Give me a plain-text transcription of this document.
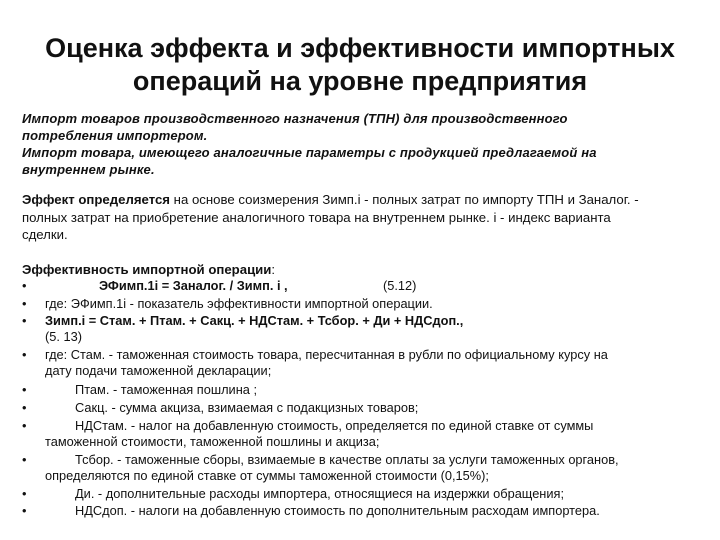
Оценка эффекта и эффективности импортных
операций на уровне предприятия
Импорт товаров производственного назначения (ТПН) для производственного
потребления импортером.
Импорт товара, имеющего аналогичные параметры с продукцией предлагаемой на
внутреннем рынке.
Эффект определяется на основе соизмерения Зимп.i - полных затрат по импорту ТПН и Заналог. -
полных затрат на приобретение аналогичного товара на внутреннем рынке. i - индекс варианта
сделки.
Эффективность импортной операции:
•	ЭФимп.1i = Заналог. / Зимп. i ,	(5.12)
• где: ЭФимп.1i - показатель эффективности импортной операции.
• Зимп.i = Стам. + Птам. + Сакц. + НДСтам. + Тсбор. + Ди + НДСдоп.,
(5. 13)
• где: Стам. - таможенная стоимость товара, пересчитанная в рубли по официальному курсу на
дату подачи таможенной декларации;
•	Птам. - таможенная пошлина ;
•	Сакц. - сумма акциза, взимаемая с подакцизных товаров;
•	НДСтам. - налог на добавленную стоимость, определяется по единой ставке от суммы
таможенной стоимости, таможенной пошлины и акциза;
•	Тсбор. - таможенные сборы, взимаемые в качестве оплаты за услуги таможенных органов,
определяются по единой ставке от суммы таможенной стоимости (0,15%);
•	Ди. - дополнительные расходы импортера, относящиеся на издержки обращения;
•	НДСдоп. - налоги на добавленную стоимость по дополнительным расходам импортера.
